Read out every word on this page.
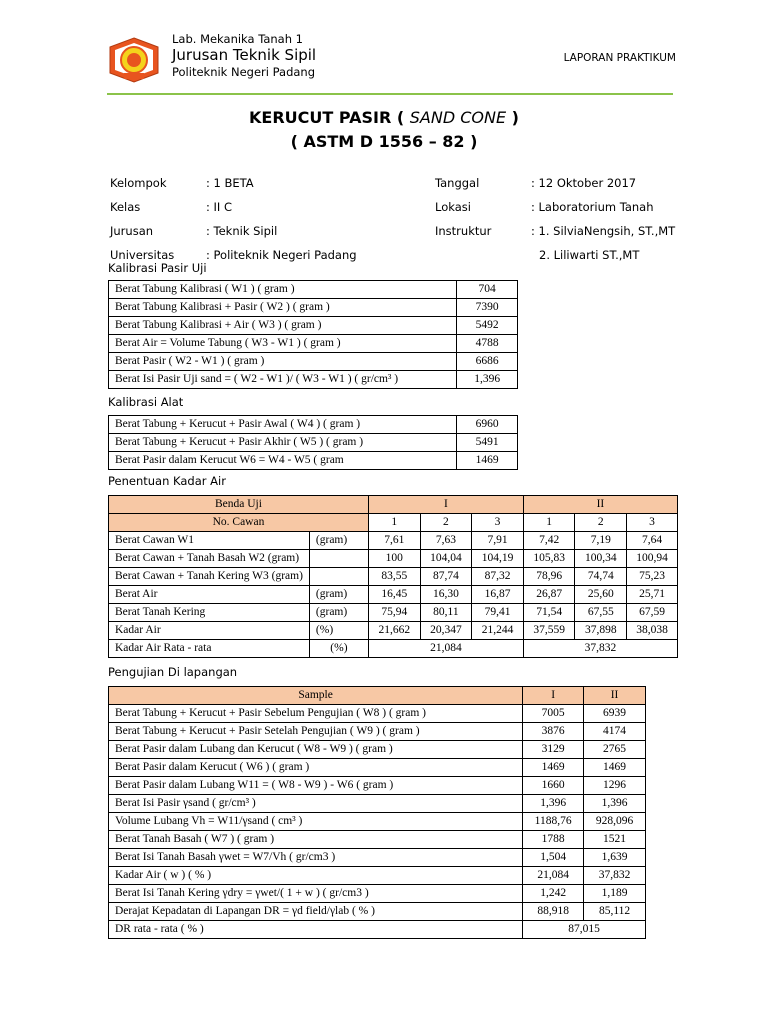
Lab. Mekanika Tanah 1
Jurusan Teknik Sipil
Politeknik Negeri Padang
LAPORAN PRAKTIKUM
KERUCUT PASIR ( SAND CONE )
( ASTM D 1556 – 82 )
Kelompok	: 1 BETA
Kelas	: II C
Jurusan	: Teknik Sipil
Universitas	: Politeknik Negeri Padang
Tanggal	: 12 Oktober 2017
Lokasi	: Laboratorium Tanah
Instruktur	: 1. SilviaNengsih, ST.,MT
	2. Liliwarti ST.,MT
Kalibrasi Pasir Uji
Berat Tabung Kalibrasi ( W1 ) ( gram )	704
Berat Tabung Kalibrasi + Pasir ( W2 ) ( gram )	7390
Berat Tabung Kalibrasi + Air ( W3 ) ( gram )	5492
Berat Air = Volume Tabung ( W3 - W1 ) ( gram )	4788
Berat Pasir ( W2 - W1 ) ( gram )	6686
Berat Isi Pasir Uji sand = ( W2 - W1 )/ ( W3 - W1 ) ( gr/cm³ )	1,396
Kalibrasi Alat
Berat Tabung + Kerucut + Pasir Awal ( W4 ) ( gram )	6960
Berat Tabung + Kerucut + Pasir Akhir ( W5 ) ( gram )	5491
Berat Pasir dalam Kerucut W6 = W4 - W5 ( gram	1469
Penentuan Kadar Air
Benda Uji		I			II		
No. Cawan		1	2	3	1	2	3
Berat Cawan W1	(gram)	7,61	7,63	7,91	7,42	7,19	7,64
Berat Cawan + Tanah Basah W2 (gram)		100	104,04	104,19	105,83	100,34	100,94
Berat Cawan + Tanah Kering W3 (gram)		83,55	87,74	87,32	78,96	74,74	75,23
Berat Air	(gram)	16,45	16,30	16,87	26,87	25,60	25,71
Berat Tanah Kering	(gram)	75,94	80,11	79,41	71,54	67,55	67,59
Kadar Air	(%)	21,662	20,347	21,244	37,559	37,898	38,038
Kadar Air Rata - rata	(%)	21,084			37,832		
Pengujian Di lapangan
Sample	I	II
Berat Tabung + Kerucut + Pasir Sebelum Pengujian ( W8 ) ( gram )	7005	6939
Berat Tabung + Kerucut + Pasir Setelah Pengujian ( W9 ) ( gram )	3876	4174
Berat Pasir dalam Lubang dan Kerucut ( W8 - W9 ) ( gram )	3129	2765
Berat Pasir dalam Kerucut ( W6 ) ( gram )	1469	1469
Berat Pasir dalam Lubang W11 = ( W8 - W9 ) - W6 ( gram )	1660	1296
Berat Isi Pasir γsand ( gr/cm³ )	1,396	1,396
Volume Lubang Vh = W11/γsand ( cm³ )	1188,76	928,096
Berat Tanah Basah ( W7 ) ( gram )	1788	1521
Berat Isi Tanah Basah γwet = W7/Vh ( gr/cm3 )	1,504	1,639
Kadar Air ( w ) ( % )	21,084	37,832
Berat Isi Tanah Kering γdry = γwet/( 1 + w ) ( gr/cm3 )	1,242	1,189
Derajat Kepadatan di Lapangan DR = γd field/γlab ( % )	88,918	85,112
DR rata - rata ( % )	87,015	
